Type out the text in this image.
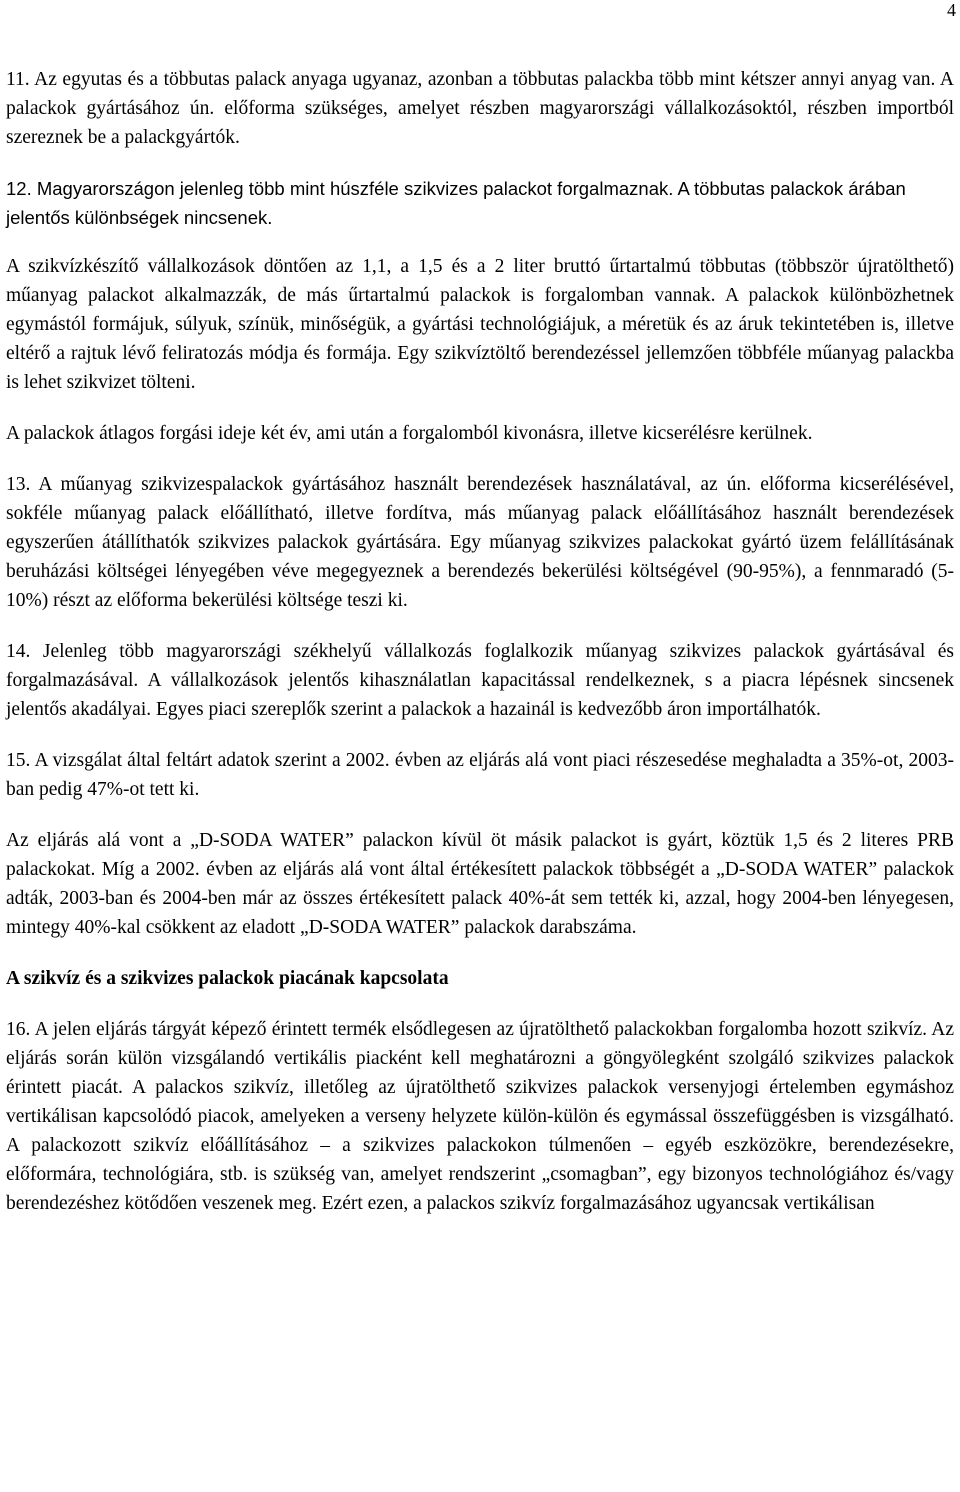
4

11. Az egyutas és a többutas palack anyaga ugyanaz, azonban a többutas palackba több mint kétszer annyi anyag van. A palackok gyártásához ún. előforma szükséges, amelyet részben magyarországi vállalkozásoktól, részben importból szereznek be a palackgyártók.

12. Magyarországon jelenleg több mint húszféle szikvizes palackot forgalmaznak. A többutas palackok árában jelentős különbségek nincsenek.

A szikvízkészítő vállalkozások döntően az 1,1, a 1,5 és a 2 liter bruttó űrtartalmú többutas (többször újratölthető) műanyag palackot alkalmazzák, de más űrtartalmú palackok is forgalomban vannak. A palackok különbözhetnek egymástól formájuk, súlyuk, színük, minőségük, a gyártási technológiájuk, a méretük és az áruk tekintetében is, illetve eltérő a rajtuk lévő feliratozás módja és formája. Egy szikvíztöltő berendezéssel jellemzően többféle műanyag palackba is lehet szikvizet tölteni.

A palackok átlagos forgási ideje két év, ami után a forgalomból kivonásra, illetve kicserélésre kerülnek.

13. A műanyag szikvizespalackok gyártásához használt berendezések használatával, az ún. előforma kicserélésével, sokféle műanyag palack előállítható, illetve fordítva, más műanyag palack előállításához használt berendezések egyszerűen átállíthatók szikvizes palackok gyártására. Egy műanyag szikvizes palackokat gyártó üzem felállításának beruházási költségei lényegében véve megegyeznek a berendezés bekerülési költségével (90-95%), a fennmaradó (5-10%) részt az előforma bekerülési költsége teszi ki.

14. Jelenleg több magyarországi székhelyű vállalkozás foglalkozik műanyag szikvizes palackok gyártásával és forgalmazásával. A vállalkozások jelentős kihasználatlan kapacitással rendelkeznek, s a piacra lépésnek sincsenek jelentős akadályai. Egyes piaci szereplők szerint a palackok a hazainál is kedvezőbb áron importálhatók.

15. A vizsgálat által feltárt adatok szerint a 2002. évben az eljárás alá vont piaci részesedése meghaladta a 35%-ot, 2003-ban pedig 47%-ot tett ki.

Az eljárás alá vont a „D-SODA WATER” palackon kívül öt másik palackot is gyárt, köztük 1,5 és 2 literes PRB palackokat. Míg a 2002. évben az eljárás alá vont által értékesített palackok többségét a „D-SODA WATER” palackok adták, 2003-ban és 2004-ben már az összes értékesített palack 40%-át sem tették ki, azzal, hogy 2004-ben lényegesen, mintegy 40%-kal csökkent az eladott „D-SODA WATER” palackok darabszáma.

A szikvíz és a szikvizes palackok piacának kapcsolata

16. A jelen eljárás tárgyát képező érintett termék elsődlegesen az újratölthető palackokban forgalomba hozott szikvíz. Az eljárás során külön vizsgálandó vertikális piacként kell meghatározni a göngyölegként szolgáló szikvizes palackok érintett piacát. A palackos szikvíz, illetőleg az újratölthető szikvizes palackok versenyjogi értelemben egymáshoz vertikálisan kapcsolódó piacok, amelyeken a verseny helyzete külön-külön és egymással összefüggésben is vizsgálható. A palackozott szikvíz előállításához – a szikvizes palackokon túlmenően – egyéb eszközökre, berendezésekre, előformára, technológiára, stb. is szükség van, amelyet rendszerint „csomagban”, egy bizonyos technológiához és/vagy berendezéshez kötődően veszenek meg. Ezért ezen, a palackos szikvíz forgalmazásához ugyancsak vertikálisan
